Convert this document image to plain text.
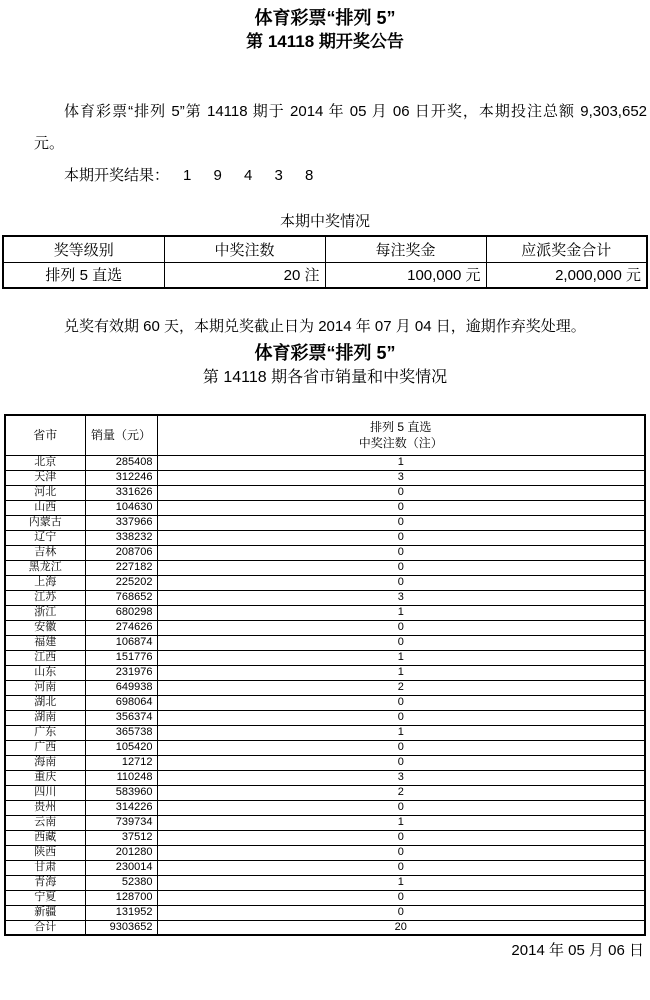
体育彩票“排列 5”
第 14118 期开奖公告

体育彩票“排列 5”第 14118 期于 2014 年 05 月 06 日开奖，本期投注总额 9,303,652 元。

本期开奖结果： 1 9 4 3 8

本期中奖情况
奖等级别	中奖注数	每注奖金	应派奖金合计
排列 5 直选	20 注	100,000 元	2,000,000 元

兑奖有效期 60 天，本期兑奖截止日为 2014 年 07 月 04 日，逾期作弃奖处理。

体育彩票“排列 5”
第 14118 期各省市销量和中奖情况
省市	销量（元）	排列 5 直选
中奖注数（注）
北京	285408	1
天津	312246	3
河北	331626	0
山西	104630	0
内蒙古	337966	0
辽宁	338232	0
吉林	208706	0
黑龙江	227182	0
上海	225202	0
江苏	768652	3
浙江	680298	1
安徽	274626	0
福建	106874	0
江西	151776	1
山东	231976	1
河南	649938	2
湖北	698064	0
湖南	356374	0
广东	365738	1
广西	105420	0
海南	12712	0
重庆	110248	3
四川	583960	2
贵州	314226	0
云南	739734	1
西藏	37512	0
陕西	201280	0
甘肃	230014	0
青海	52380	1
宁夏	128700	0
新疆	131952	0
合计	9303652	20
2014 年 05 月 06 日
